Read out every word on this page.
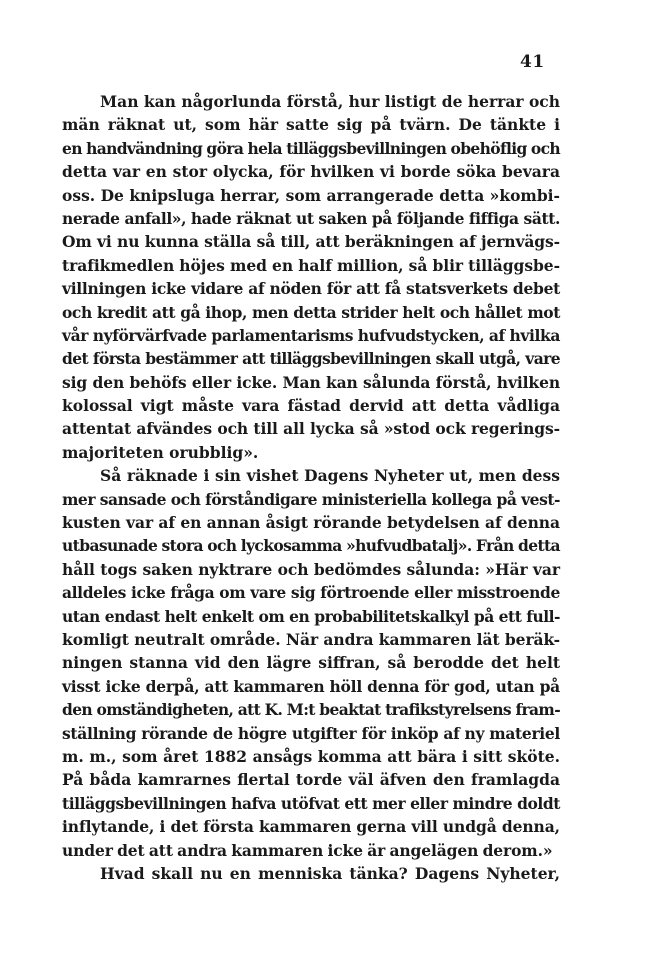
41
Man kan någorlunda förstå, hur listigt de herrar och
män räknat ut, som här satte sig på tvärn. De tänkte i
en handvändning göra hela tilläggsbevillningen obehöflig och
detta var en stor olycka, för hvilken vi borde söka bevara
oss. De knipsluga herrar, som arrangerade detta »kombi-
nerade anfall», hade räknat ut saken på följande fiffiga sätt.
Om vi nu kunna ställa så till, att beräkningen af jernvägs-
trafikmedlen höjes med en half million, så blir tilläggsbe-
villningen icke vidare af nöden för att få statsverkets debet
och kredit att gå ihop, men detta strider helt och hållet mot
vår nyförvärfvade parlamentarisms hufvudstycken, af hvilka
det första bestämmer att tilläggsbevillningen skall utgå, vare
sig den behöfs eller icke. Man kan sålunda förstå, hvilken
kolossal vigt måste vara fästad dervid att detta vådliga
attentat afvändes och till all lycka så »stod ock regerings-
majoriteten orubblig».
Så räknade i sin vishet Dagens Nyheter ut, men dess
mer sansade och förståndigare ministeriella kollega på vest-
kusten var af en annan åsigt rörande betydelsen af denna
utbasunade stora och lyckosamma »hufvudbatalj». Från detta
håll togs saken nyktrare och bedömdes sålunda: »Här var
alldeles icke fråga om vare sig förtroende eller misstroende
utan endast helt enkelt om en probabilitetskalkyl på ett full-
komligt neutralt område. När andra kammaren lät beräk-
ningen stanna vid den lägre siffran, så berodde det helt
visst icke derpå, att kammaren höll denna för god, utan på
den omständigheten, att K. M:t beaktat trafikstyrelsens fram-
ställning rörande de högre utgifter för inköp af ny materiel
m. m., som året 1882 ansågs komma att bära i sitt sköte.
På båda kamrarnes flertal torde väl äfven den framlagda
tilläggsbevillningen hafva utöfvat ett mer eller mindre doldt
inflytande, i det första kammaren gerna vill undgå denna,
under det att andra kammaren icke är angelägen derom.»
Hvad skall nu en menniska tänka? Dagens Nyheter,
